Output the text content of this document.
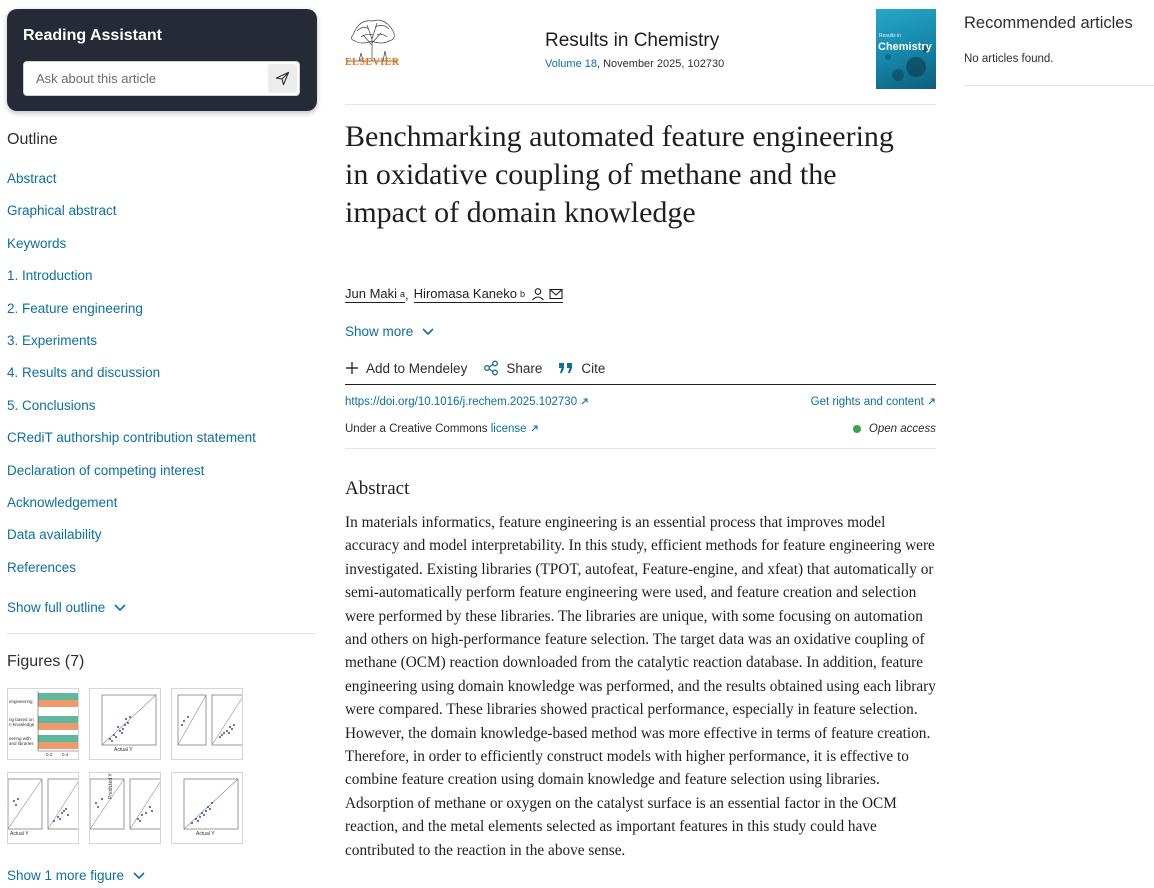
Reading Assistant
Ask about this article
Outline
Abstract
Graphical abstract
Keywords
1. Introduction
2. Feature engineering
3. Experiments
4. Results and discussion
5. Conclusions
CRediT authorship contribution statement
Declaration of competing interest
Acknowledgement
Data availability
References
Show full outline
Figures (7)
engineering
ng based on n knowledge
eering with and libraries
0.2 0.4
Actual Y
Actual Y
Predicted Y
Actual Y
Show 1 more figure
ELSEVIER
Results in Chemistry
Volume 18, November 2025, 102730
Results in
Chemistry
Benchmarking automated feature engineering in oxidative coupling of methane and the impact of domain knowledge
Jun Maki a , Hiromasa Kaneko b
Show more
Add to Mendeley	Share	Cite
https://doi.org/10.1016/j.rechem.2025.102730	Get rights and content
Under a Creative Commons license	Open access
Abstract

In materials informatics, feature engineering is an essential process that improves model accuracy and model interpretability. In this study, efficient methods for feature engineering were investigated. Existing libraries (TPOT, autofeat, Feature-engine, and xfeat) that automatically or semi-automatically perform feature engineering were used, and feature creation and selection were performed by these libraries. The libraries are unique, with some focusing on automation and others on high-performance feature selection. The target data was an oxidative coupling of methane (OCM) reaction downloaded from the catalytic reaction database. In addition, feature engineering using domain knowledge was performed, and the results obtained using each library were compared. These libraries showed practical performance, especially in feature selection. However, the domain knowledge-based method was more effective in terms of feature creation. Therefore, in order to efficiently construct models with higher performance, it is effective to combine feature creation using domain knowledge and feature selection using libraries. Adsorption of methane or oxygen on the catalyst surface is an essential factor in the OCM reaction, and the metal elements selected as important features in this study could have contributed to the reaction in the above sense.

Recommended articles
No articles found.
